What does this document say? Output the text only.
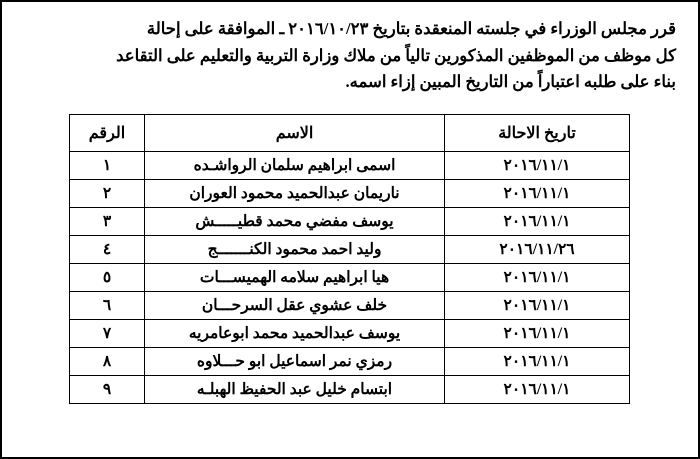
قرر مجلس الوزراء في جلسته المنعقدة بتاريخ ٢٠١٦/١٠/٢٣ ـ الموافقة على إحالة

كل موظف من الموظفين المذكورين تالياً من ملاك وزارة التربية والتعليم على التقاعد

بناء على طلبه اعتباراً من التاريخ المبين إزاء اسمه.

تاريخ الاحالة	الاسم	الرقم
٢٠١٦/١١/١	اسمى ابراهيم سلمان الرواشـده	١
٢٠١٦/١١/١	ناريمان عبدالحميد محمود العوران	٢
٢٠١٦/١١/١	يوسف مفضي محمد قطيـــــش	٣
٢٠١٦/١١/٢٦	وليد احمد محمود الكنـــــــج	٤
٢٠١٦/١١/١	هيا ابراهيم سلامه الهميســـات	٥
٢٠١٦/١١/١	خلف عشوي عقل السرحـــان	٦
٢٠١٦/١١/١	يوسف عبدالحميد محمد ابوعامريه	٧
٢٠١٦/١١/١	رمزي نمر اسماعيل ابو حـــلاوه	٨
٢٠١٦/١١/١	ابتسام خليل عبد الحفيظ الهبلـه	٩
